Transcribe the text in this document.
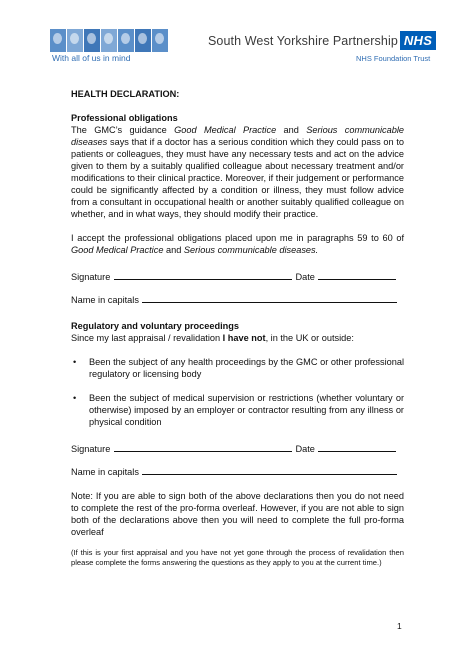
With all of us in mind
South West Yorkshire Partnership NHS
NHS Foundation Trust

HEALTH DECLARATION:

Professional obligations

The GMC’s guidance Good Medical Practice and Serious communicable diseases says that if a doctor has a serious condition which they could pass on to patients or colleagues, they must have any necessary tests and act on the advice given to them by a suitably qualified colleague about necessary treatment and/or modifications to their clinical practice. Moreover, if their judgement or performance could be significantly affected by a condition or illness, they must follow advice from a consultant in occupational health or another suitably qualified colleague on whether, and in what ways, they should modify their practice.

I accept the professional obligations placed upon me in paragraphs 59 to 60 of Good Medical Practice and Serious communicable diseases.

Signature	Date

Name in capitals

Regulatory and voluntary proceedings

Since my last appraisal / revalidation I have not, in the UK or outside:

• Been the subject of any health proceedings by the GMC or other professional regulatory or licensing body
• Been the subject of medical supervision or restrictions (whether voluntary or otherwise) imposed by an employer or contractor resulting from any illness or physical condition

Signature	Date

Name in capitals

Note: If you are able to sign both of the above declarations then you do not need to complete the rest of the pro-forma overleaf. However, if you are not able to sign both of the declarations above then you will need to complete the full pro-forma overleaf

(If this is your first appraisal and you have not yet gone through the process of revalidation then please complete the forms answering the questions as they apply to you at the current time.)

1
